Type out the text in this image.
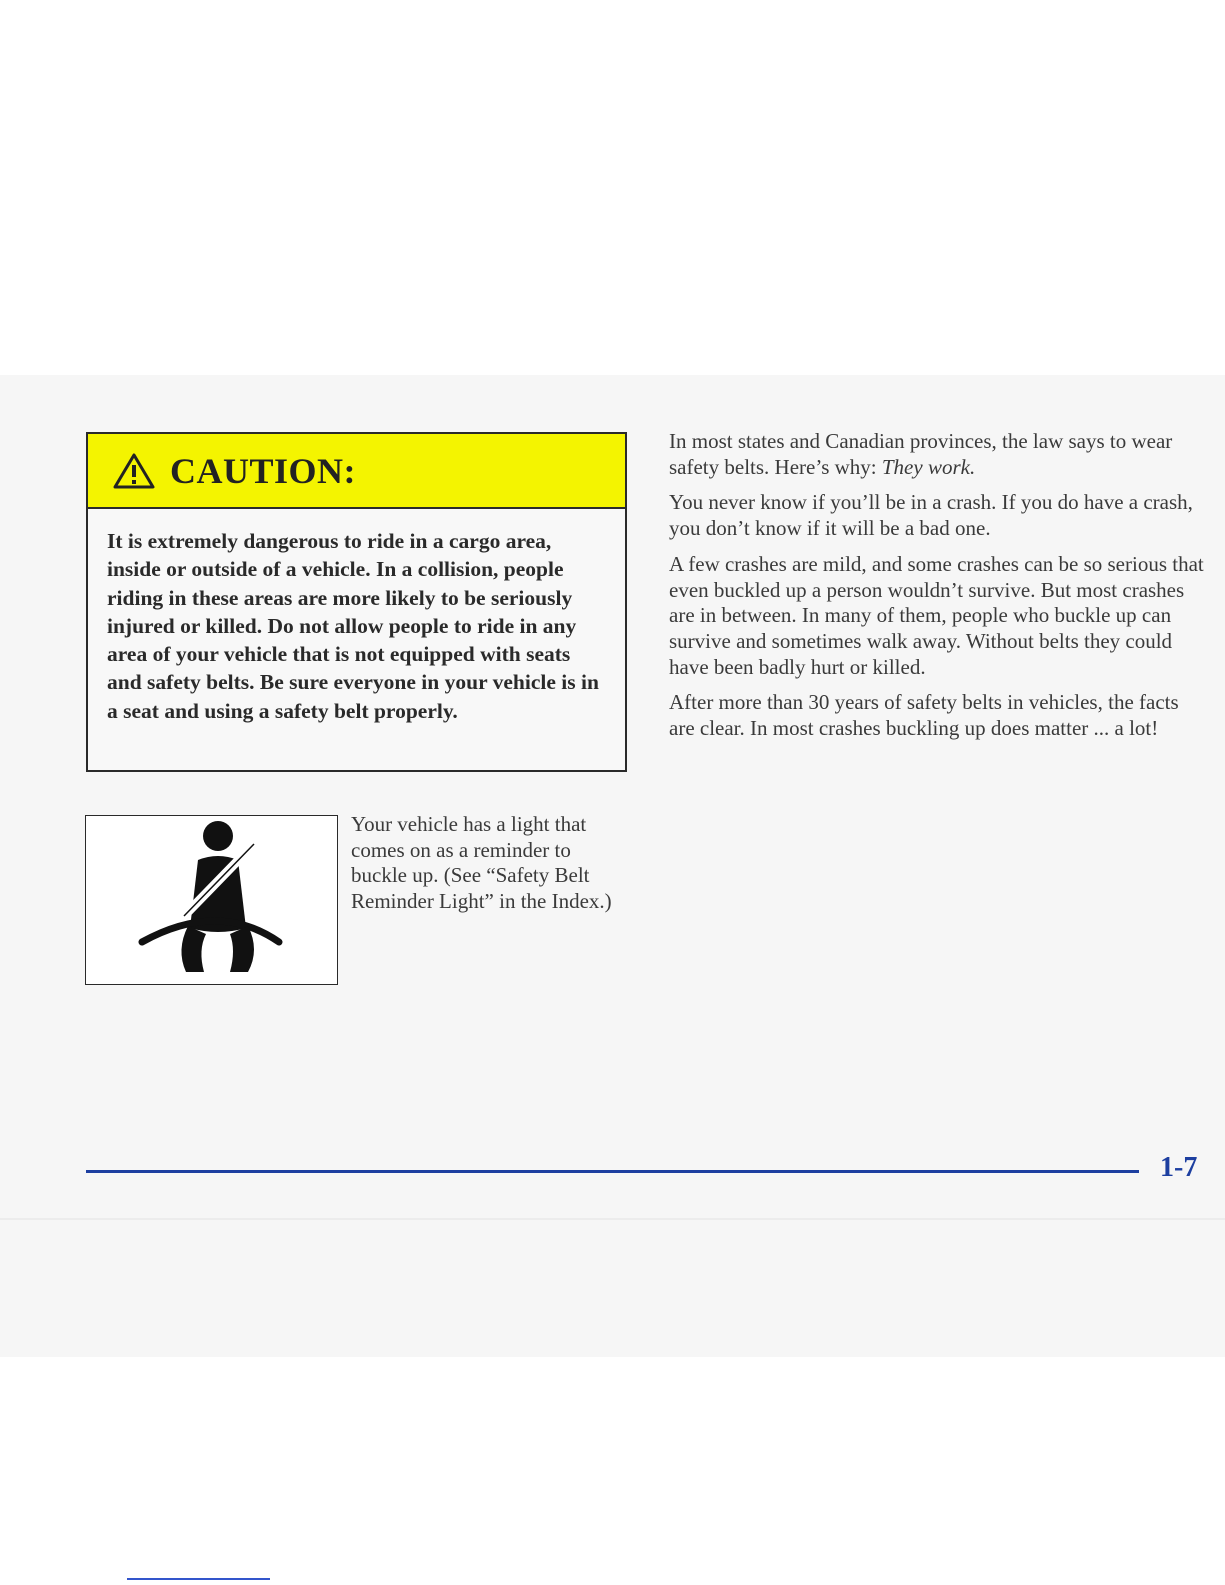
CAUTION:
It is extremely dangerous to ride in a cargo area, inside or outside of a vehicle. In a collision, people riding in these areas are more likely to be seriously injured or killed. Do not allow people to ride in any area of your vehicle that is not equipped with seats and safety belts. Be sure everyone in your vehicle is in a seat and using a safety belt properly.
Your vehicle has a light that comes on as a reminder to buckle up. (See “Safety Belt Reminder Light” in the Index.)

In most states and Canadian provinces, the law says to wear safety belts. Here’s why: They work.

You never know if you’ll be in a crash. If you do have a crash, you don’t know if it will be a bad one.

A few crashes are mild, and some crashes can be so serious that even buckled up a person wouldn’t survive. But most crashes are in between. In many of them, people who buckle up can survive and sometimes walk away. Without belts they could have been badly hurt or killed.

After more than 30 years of safety belts in vehicles, the facts are clear. In most crashes buckling up does matter ... a lot!

1-7
